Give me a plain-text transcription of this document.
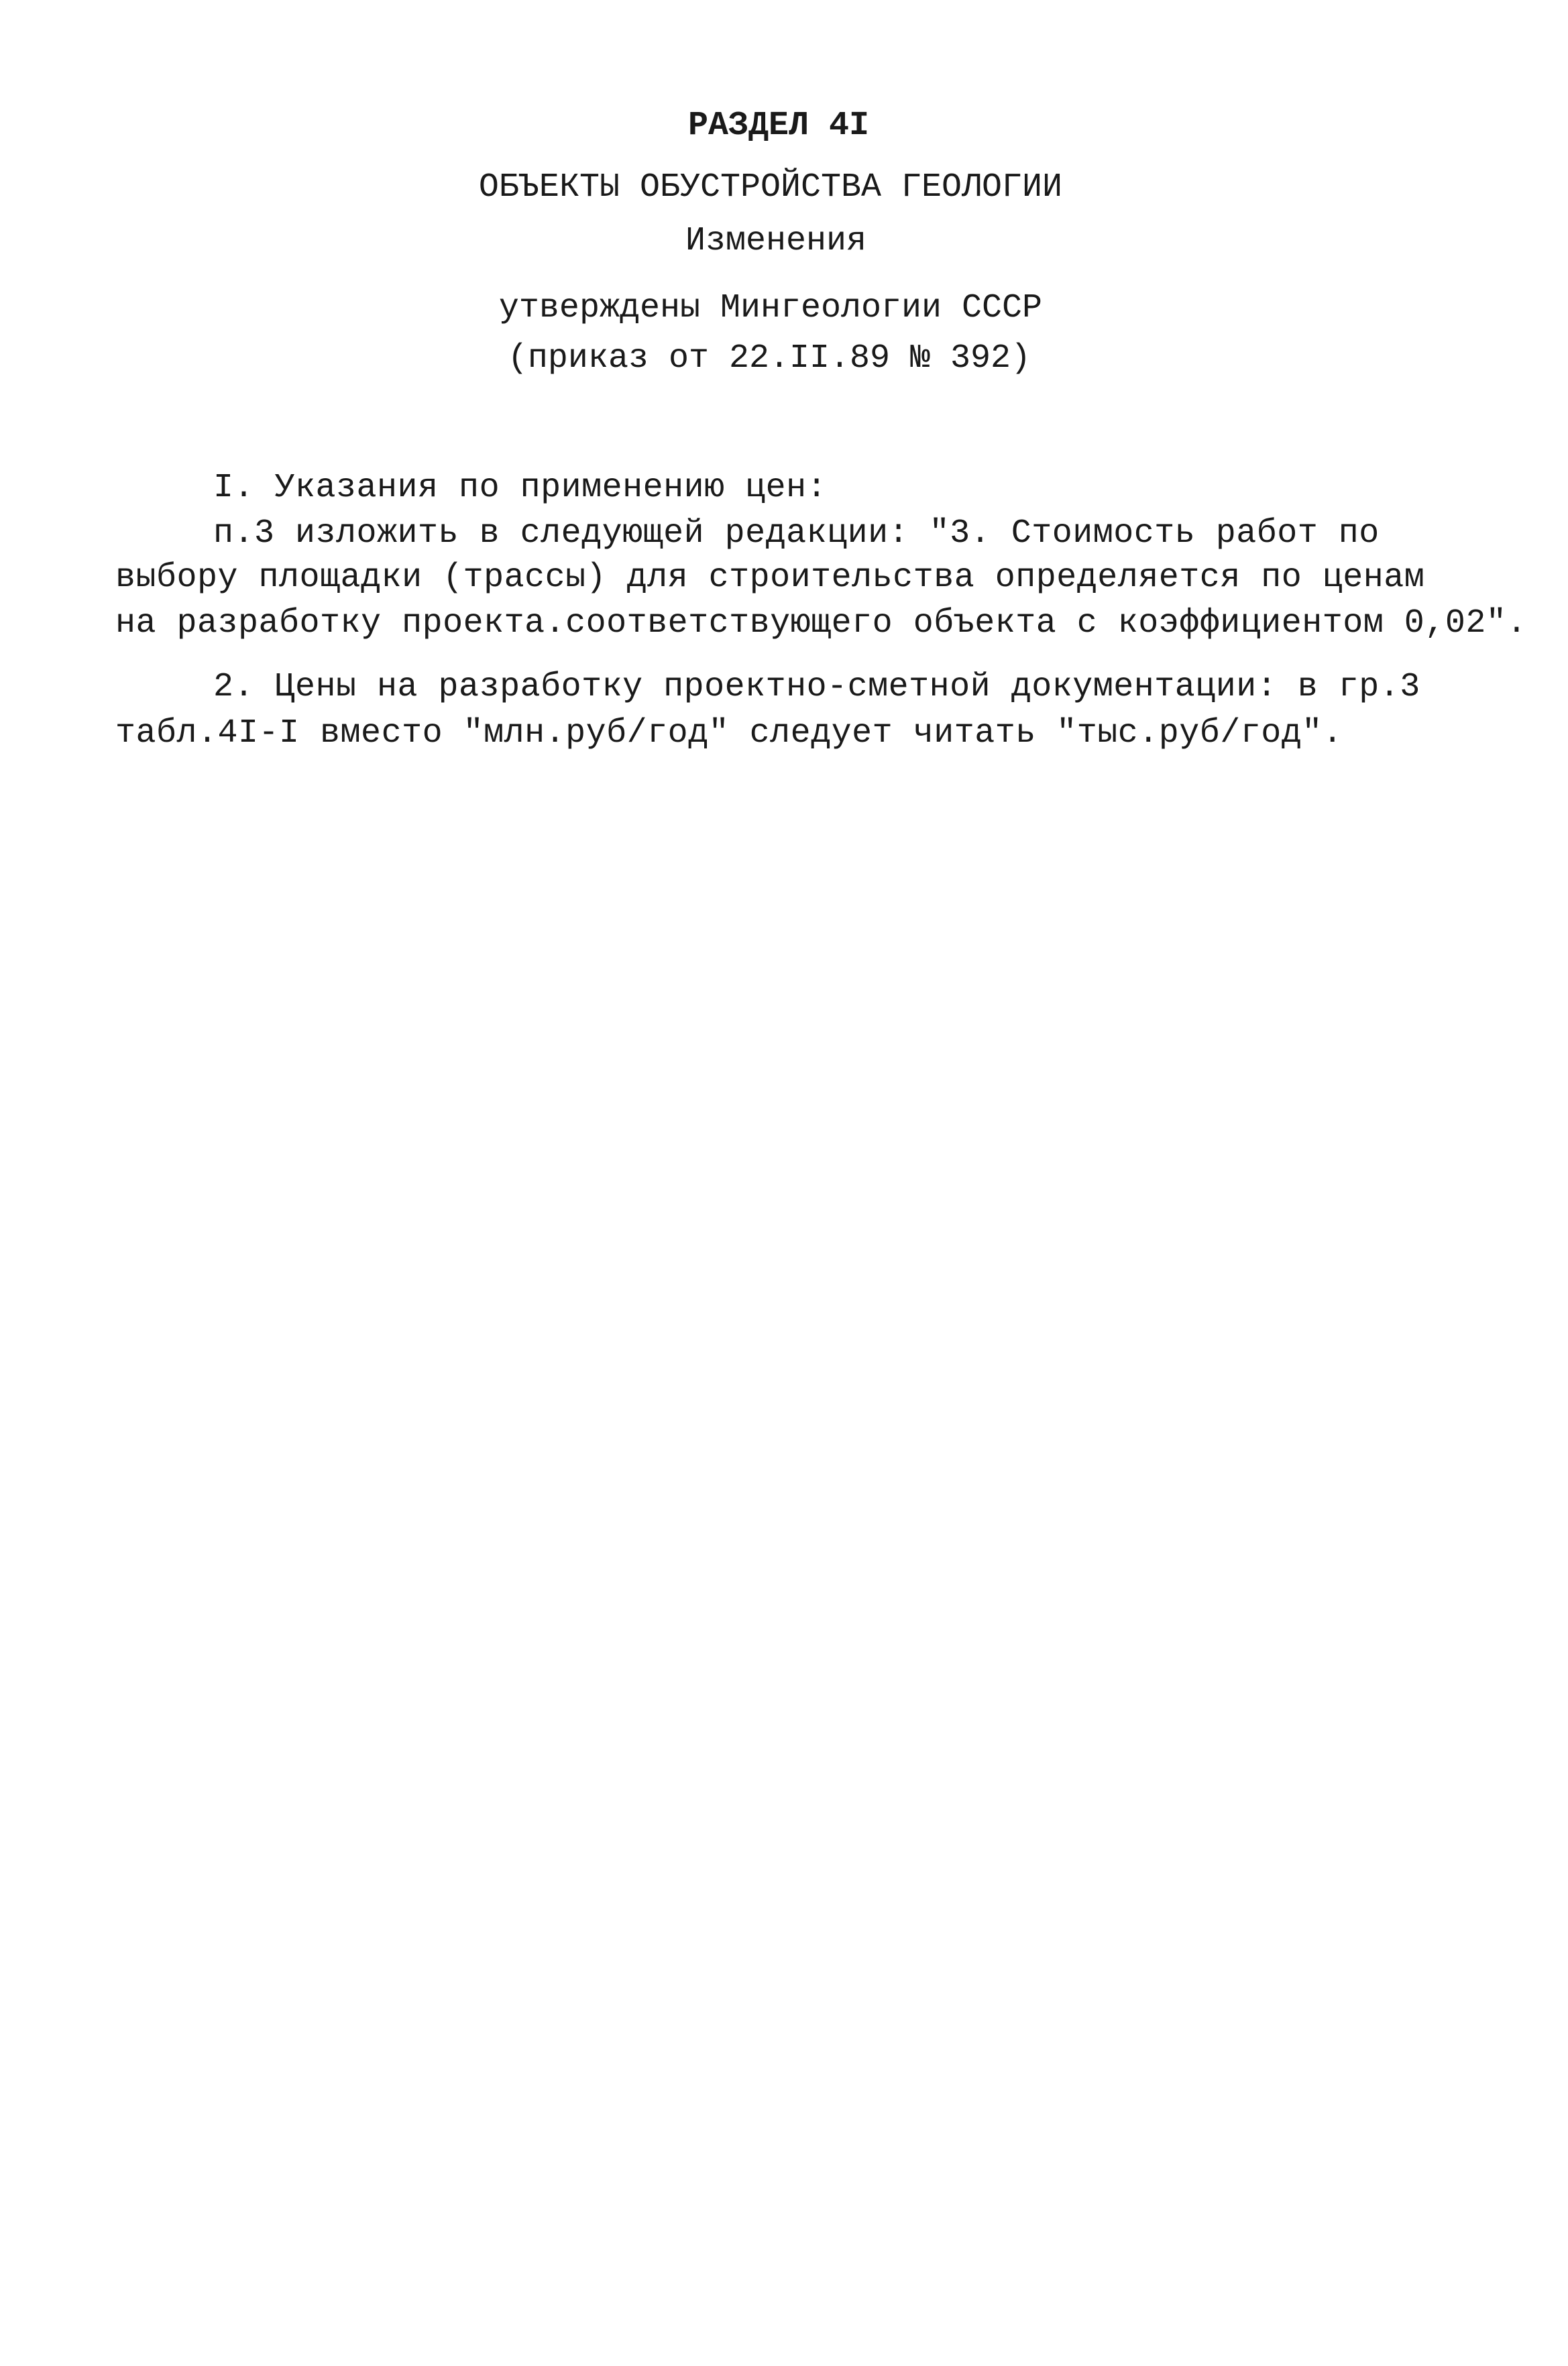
РАЗДЕЛ 4I
ОБЪЕКТЫ ОБУСТРОЙСТВА ГЕОЛОГИИ
Изменения
утверждены Мингеологии СССР
(приказ от 22.II.89 № 392)
I. Указания по применению цен:
п.3 изложить в следующей редакции: "3. Стоимость работ по
выбору площадки (трассы) для строительства определяется по ценам
на разработку проекта.соответствующего объекта с коэффициентом 0,02".
2. Цены на разработку проектно-сметной документации: в гр.3
табл.4I-I вместо "млн.руб/год" следует читать "тыс.руб/год".
